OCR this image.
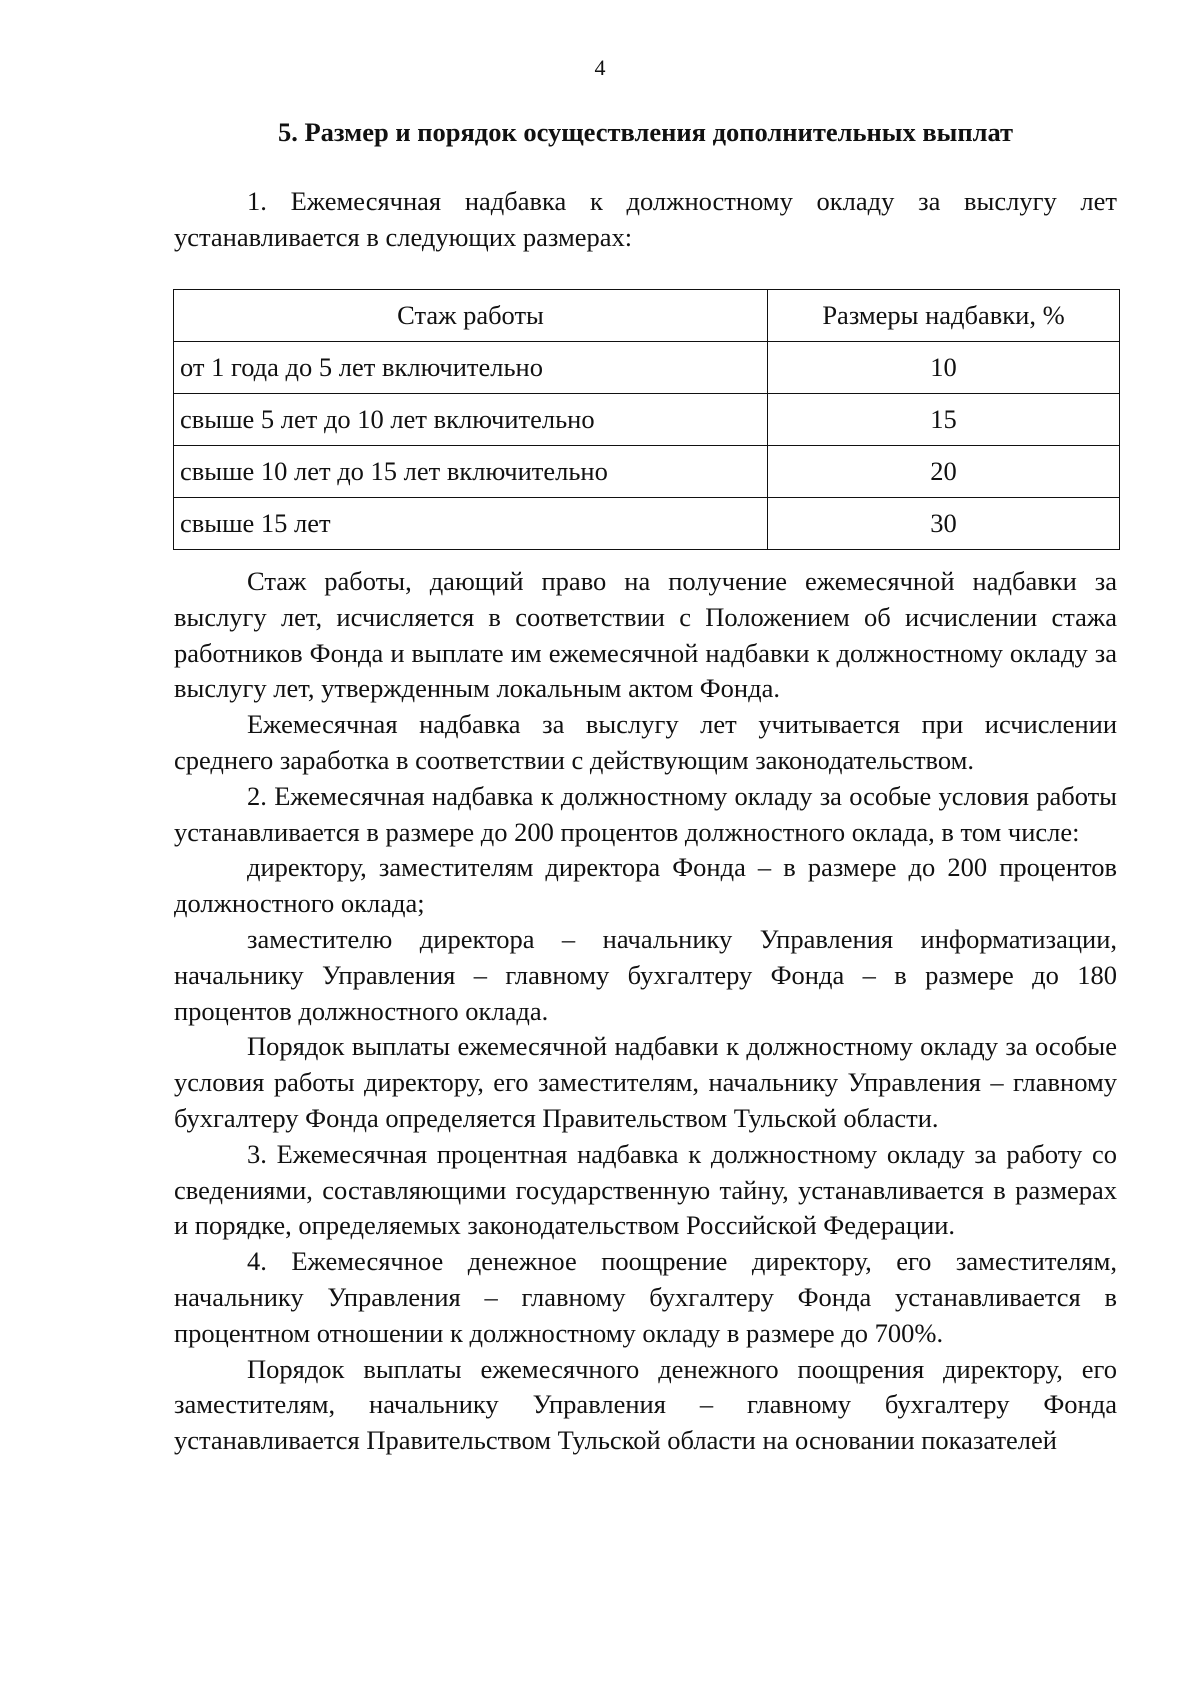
4
5. Размер и порядок осуществления дополнительных выплат

1. Ежемесячная надбавка к должностному окладу за выслугу лет устанавливается в следующих размерах:

Стаж работы	Размеры надбавки, %
от 1 года до 5 лет включительно	10
свыше 5 лет до 10 лет включительно	15
свыше 10 лет до 15 лет включительно	20
свыше 15 лет	30

Стаж работы, дающий право на получение ежемесячной надбавки за выслугу лет, исчисляется в соответствии с Положением об исчислении стажа работников Фонда и выплате им ежемесячной надбавки к должностному окладу за выслугу лет, утвержденным локальным актом Фонда.

Ежемесячная надбавка за выслугу лет учитывается при исчислении среднего заработка в соответствии с действующим законодательством.

2. Ежемесячная надбавка к должностному окладу за особые условия работы устанавливается в размере до 200 процентов должностного оклада, в том числе:

директору, заместителям директора Фонда – в размере до 200 процентов должностного оклада;

заместителю директора – начальнику Управления информатизации, начальнику Управления – главному бухгалтеру Фонда – в размере до 180 процентов должностного оклада.

Порядок выплаты ежемесячной надбавки к должностному окладу за особые условия работы директору, его заместителям, начальнику Управления – главному бухгалтеру Фонда определяется Правительством Тульской области.

3. Ежемесячная процентная надбавка к должностному окладу за работу со сведениями, составляющими государственную тайну, устанавливается в размерах и порядке, определяемых законодательством Российской Федерации.

4. Ежемесячное денежное поощрение директору, его заместителям, начальнику Управления – главному бухгалтеру Фонда устанавливается в процентном отношении к должностному окладу в размере до 700%.

Порядок выплаты ежемесячного денежного поощрения директору, его заместителям, начальнику Управления – главному бухгалтеру Фонда устанавливается Правительством Тульской области на основании показателей
